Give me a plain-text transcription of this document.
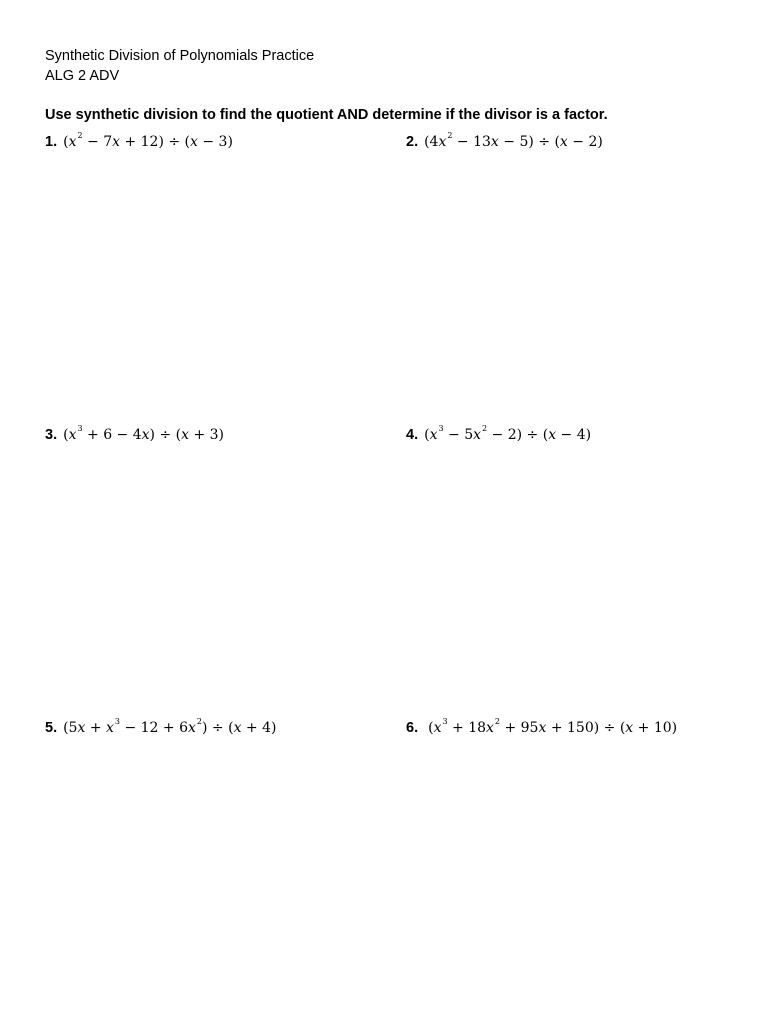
Synthetic Division of Polynomials Practice
ALG 2 ADV
Use synthetic division to find the quotient AND determine if the divisor is a factor.
1. $(x^2 - 7x + 12) \div (x - 3)$	2. $(4x^2 - 13x - 5) \div (x - 2)$
3. $(x^3 + 6 - 4x) \div (x + 3)$	4. $(x^3 - 5x^2 - 2) \div (x - 4)$
5. $(5x + x^3 - 12 + 6x^2) \div (x + 4)$	6. $(x^3 + 18x^2 + 95x + 150) \div (x + 10)$
